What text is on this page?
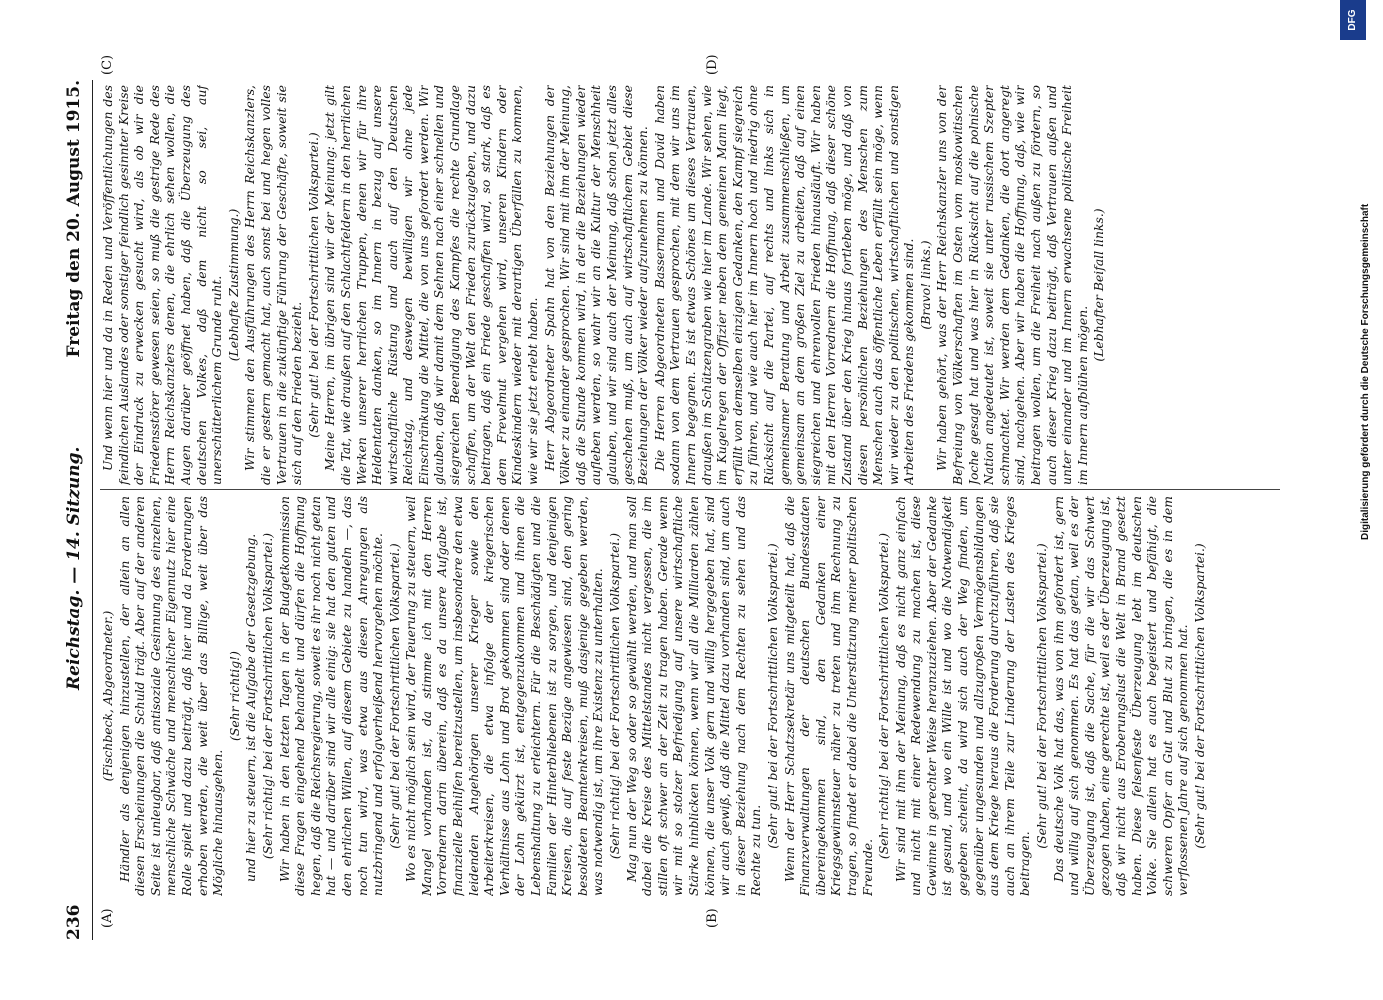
236
Reichstag. — 14. Sitzung.
Freitag den 20. August 1915.
(A)	(B)
(C)	(D)

(Fischbeck, Abgeordneter.) Händler als denjenigen hinzustellen, der allein an allen diesen Erscheinungen die Schuld trägt. Aber auf der anderen Seite ist unleugbar, daß antisoziale Gesinnung des einzelnen, menschliche Schwäche und menschlicher Eigennutz hier eine Rolle spielt und dazu beiträgt, daß hier und da Forderungen erhoben werden, die weit über das Billige, weit über das Mögliche hinausgehen.

(Sehr richtig!) und hier zu steuern, ist die Aufgabe der Gesetzgebung. (Sehr richtig! bei der Fortschrittlichen Volkspartei.) Wir haben in den letzten Tagen in der Budgetkommission diese Fragen eingehend behandelt und dürfen die Hoffnung hegen, daß die Reichsregierung, soweit es ihr noch nicht getan hat — und darüber sind wir alle einig: sie hat den guten und den ehrlichen Willen, auf diesem Gebiete zu handeln —, das noch tun wird, was etwa aus diesen Anregungen als nutzbringend und erfolgverheißend hervorgehen möchte. (Sehr gut! bei der Fortschrittlichen Volkspartei.) Wo es nicht möglich sein wird, der Teuerung zu steuern, weil Mangel vorhanden ist, da stimme ich mit den Herren Vorrednern darin überein, daß es da unsere Aufgabe ist, finanzielle Beihilfen bereitzustellen, um insbesondere den etwa leidenden Angehörigen unserer Krieger sowie den Arbeiterkreisen, die etwa infolge der kriegerischen Verhältnisse aus Lohn und Brot gekommen sind oder denen der Lohn gekürzt ist, entgegenzukommen und ihnen die Lebenshaltung zu erleichtern. Für die Beschädigten und die Familien der Hinterbliebenen ist zu sorgen, und denjenigen Kreisen, die auf feste Bezüge angewiesen sind, den gering besoldeten Beamtenkreisen, muß dasjenige gegeben werden, was notwendig ist, um ihre Existenz zu unterhalten. (Sehr richtig! bei der Fortschrittlichen Volkspartei.) Mag nun der Weg so oder so gewählt werden, und man soll dabei die Kreise des Mittelstandes nicht vergessen, die im stillen oft schwer an der Zeit zu tragen haben. Gerade wenn wir mit so stolzer Befriedigung auf unsere wirtschaftliche Stärke hinblicken können, wenn wir all die Milliarden zählen können, die unser Volk gern und willig hergegeben hat, sind wir auch gewiß, daß die Mittel dazu vorhanden sind, um auch in dieser Beziehung nach dem Rechten zu sehen und das Rechte zu tun.

(Sehr gut! bei der Fortschrittlichen Volkspartei.) Wenn der Herr Schatzsekretär uns mitgeteilt hat, daß die Finanzverwaltungen der deutschen Bundesstaaten übereingekommen sind, den Gedanken einer Kriegsgewinnsteuer näher zu treten und ihm Rechnung zu tragen, so findet er dabei die Unterstützung meiner politischen Freunde.

(Sehr richtig! bei der Fortschrittlichen Volkspartei.) Wir sind mit ihm der Meinung, daß es nicht ganz einfach und nicht mit einer Redewendung zu machen ist, diese Gewinne in gerechter Weise heranzuziehen. Aber der Gedanke ist gesund, und wo ein Wille ist und wo die Notwendigkeit gegeben scheint, da wird sich auch der Weg finden, um gegenüber ungesunden und allzugroßen Vermögensbildungen aus dem Kriege heraus die Forderung durchzuführen, daß sie auch an ihrem Teile zur Linderung der Lasten des Krieges beitragen.

(Sehr gut! bei der Fortschrittlichen Volkspartei.) Das deutsche Volk hat das, was von ihm gefordert ist, gern und willig auf sich genommen. Es hat das getan, weil es der Überzeugung ist, daß die Sache, für die wir das Schwert gezogen haben, eine gerechte ist, weil es der Überzeugung ist, daß wir nicht aus Eroberungslust die Welt in Brand gesetzt haben. Diese felsenfeste Überzeugung lebt im deutschen Volke. Sie allein hat es auch begeistert und befähigt, die schweren Opfer an Gut und Blut zu bringen, die es in dem verflossenen Jahre auf sich genommen hat. (Sehr gut! bei der Fortschrittlichen Volkspartei.)

Und wenn hier und da in Reden und Veröffentlichungen des feindlichen Auslandes oder sonstiger feindlich gesinnter Kreise der Eindruck zu erwecken gesucht wird, als ob wir die Friedensstörer gewesen seien, so muß die gestrige Rede des Herrn Reichskanzlers denen, die ehrlich sehen wollen, die Augen darüber geöffnet haben, daß die Überzeugung des deutschen Volkes, daß dem nicht so sei, auf unerschütterlichem Grunde ruht. (Lebhafte Zustimmung.) Wir stimmen den Ausführungen des Herrn Reichskanzlers, die er gestern gemacht hat, auch sonst bei und hegen volles Vertrauen in die zukünftige Führung der Geschäfte, soweit sie sich auf den Frieden bezieht. (Sehr gut! bei der Fortschrittlichen Volkspartei.) Meine Herren, im übrigen sind wir der Meinung: jetzt gilt die Tat, wie draußen auf den Schlachtfeldern in den herrlichen Werken unserer herrlichen Truppen, denen wir für ihre Heldentaten danken, so im Innern in bezug auf unsere wirtschaftliche Rüstung und auch auf den Deutschen Reichstag, und deswegen bewilligen wir ohne jede Einschränkung die Mittel, die von uns gefordert werden. Wir glauben, daß wir damit dem Sehnen nach einer schnellen und siegreichen Beendigung des Kampfes die rechte Grundlage schaffen, um der Welt den Frieden zurückzugeben, und dazu beitragen, daß ein Friede geschaffen wird, so stark, daß es dem Frevelmut vergehen wird, unseren Kindern oder Kindeskindern wieder mit derartigen Überfällen zu kommen, wie wir sie jetzt erlebt haben. Herr Abgeordneter Spahn hat von den Beziehungen der Völker zu einander gesprochen. Wir sind mit ihm der Meinung, daß die Stunde kommen wird, in der die Beziehungen wieder aufleben werden, so wahr wir an die Kultur der Menschheit glauben, und wir sind auch der Meinung, daß schon jetzt alles geschehen muß, um auch auf wirtschaftlichem Gebiet diese Beziehungen der Völker wieder aufzunehmen zu können. Die Herren Abgeordneten Bassermann und David haben sodann von dem Vertrauen gesprochen, mit dem wir uns im Innern begegnen. Es ist etwas Schönes um dieses Vertrauen, draußen im Schützengraben wie hier im Lande. Wir sehen, wie im Kugelregen der Offizier neben dem gemeinen Mann liegt, erfüllt von demselben einzigen Gedanken, den Kampf siegreich zu führen, und wie auch hier im Innern hoch und niedrig ohne Rücksicht auf die Partei, auf rechts und links sich in gemeinsamer Beratung und Arbeit zusammenschließen, um gemeinsam an dem großen Ziel zu arbeiten, daß auf einen siegreichen und ehrenvollen Frieden hinausläuft. Wir haben mit den Herren Vorrednern die Hoffnung, daß dieser schöne Zustand über den Krieg hinaus fortleben möge, und daß von diesen persönlichen Beziehungen des Menschen zum Menschen auch das öffentliche Leben erfüllt sein möge, wenn wir wieder zu den politischen, wirtschaftlichen und sonstigen Arbeiten des Friedens gekommen sind. (Bravo! links.) Wir haben gehört, was der Herr Reichskanzler uns von der Befreiung von Völkerschaften im Osten vom moskowitischen Joche gesagt hat und was hier in Rücksicht auf die polnische Nation angedeutet ist, soweit sie unter russischem Szepter schmachtet. Wir werden dem Gedanken, die dort angeregt sind, nachgehen. Aber wir haben die Hoffnung, daß, wie wir beitragen wollen, um die Freiheit nach außen zu fördern, so auch dieser Krieg dazu beiträgt, daß Vertrauen außen und unter einander und im Innern erwachsene politische Freiheit im Innern aufblühen mögen.

(Lebhafter Beifall links.)	Digitalisierung gefördert durch die Deutsche Forschungsgemeinschaft
DFG
